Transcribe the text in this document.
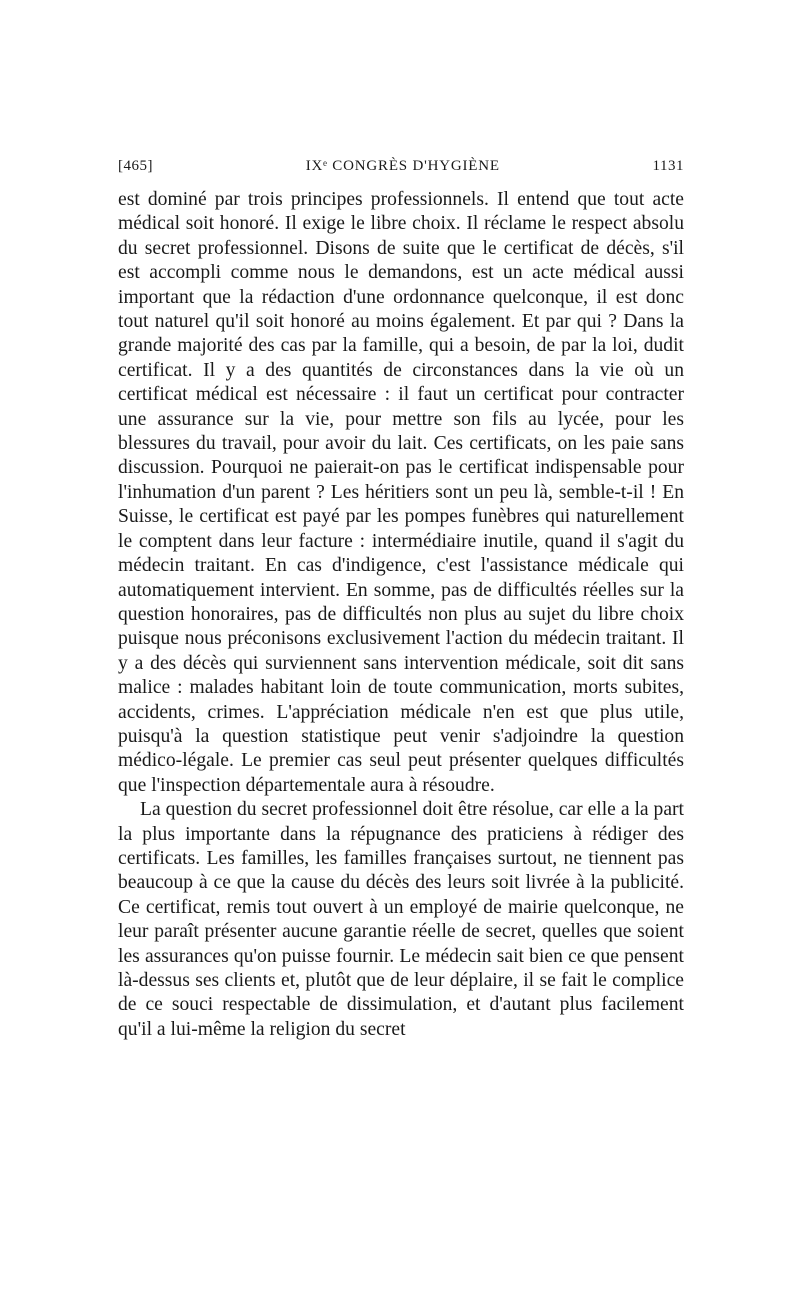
[465]	IXᵉ CONGRÈS D'HYGIÈNE	1131

est dominé par trois principes professionnels. Il entend que tout acte médical soit honoré. Il exige le libre choix. Il réclame le respect absolu du secret professionnel. Disons de suite que le certificat de décès, s'il est accompli comme nous le demandons, est un acte médical aussi important que la rédaction d'une ordonnance quelconque, il est donc tout naturel qu'il soit honoré au moins également. Et par qui ? Dans la grande majorité des cas par la famille, qui a besoin, de par la loi, dudit certificat. Il y a des quantités de circonstances dans la vie où un certificat médical est nécessaire : il faut un certificat pour contracter une assurance sur la vie, pour mettre son fils au lycée, pour les blessures du travail, pour avoir du lait. Ces certificats, on les paie sans discussion. Pourquoi ne paierait-on pas le certificat indispensable pour l'inhumation d'un parent ? Les héritiers sont un peu là, semble-t-il ! En Suisse, le certificat est payé par les pompes funèbres qui naturellement le comptent dans leur facture : intermédiaire inutile, quand il s'agit du médecin traitant. En cas d'indigence, c'est l'assistance médicale qui automatiquement intervient. En somme, pas de difficultés réelles sur la question honoraires, pas de difficultés non plus au sujet du libre choix puisque nous préconisons exclusivement l'action du médecin traitant. Il y a des décès qui surviennent sans intervention médicale, soit dit sans malice : malades habitant loin de toute communication, morts subites, accidents, crimes. L'appréciation médicale n'en est que plus utile, puisqu'à la question statistique peut venir s'adjoindre la question médico-légale. Le premier cas seul peut présenter quelques difficultés que l'inspection départementale aura à résoudre.

La question du secret professionnel doit être résolue, car elle a la part la plus importante dans la répugnance des praticiens à rédiger des certificats. Les familles, les familles françaises surtout, ne tiennent pas beaucoup à ce que la cause du décès des leurs soit livrée à la publicité. Ce certificat, remis tout ouvert à un employé de mairie quelconque, ne leur paraît présenter aucune garantie réelle de secret, quelles que soient les assurances qu'on puisse fournir. Le médecin sait bien ce que pensent là-dessus ses clients et, plutôt que de leur déplaire, il se fait le complice de ce souci respectable de dissimulation, et d'autant plus facilement qu'il a lui-même la religion du secret
